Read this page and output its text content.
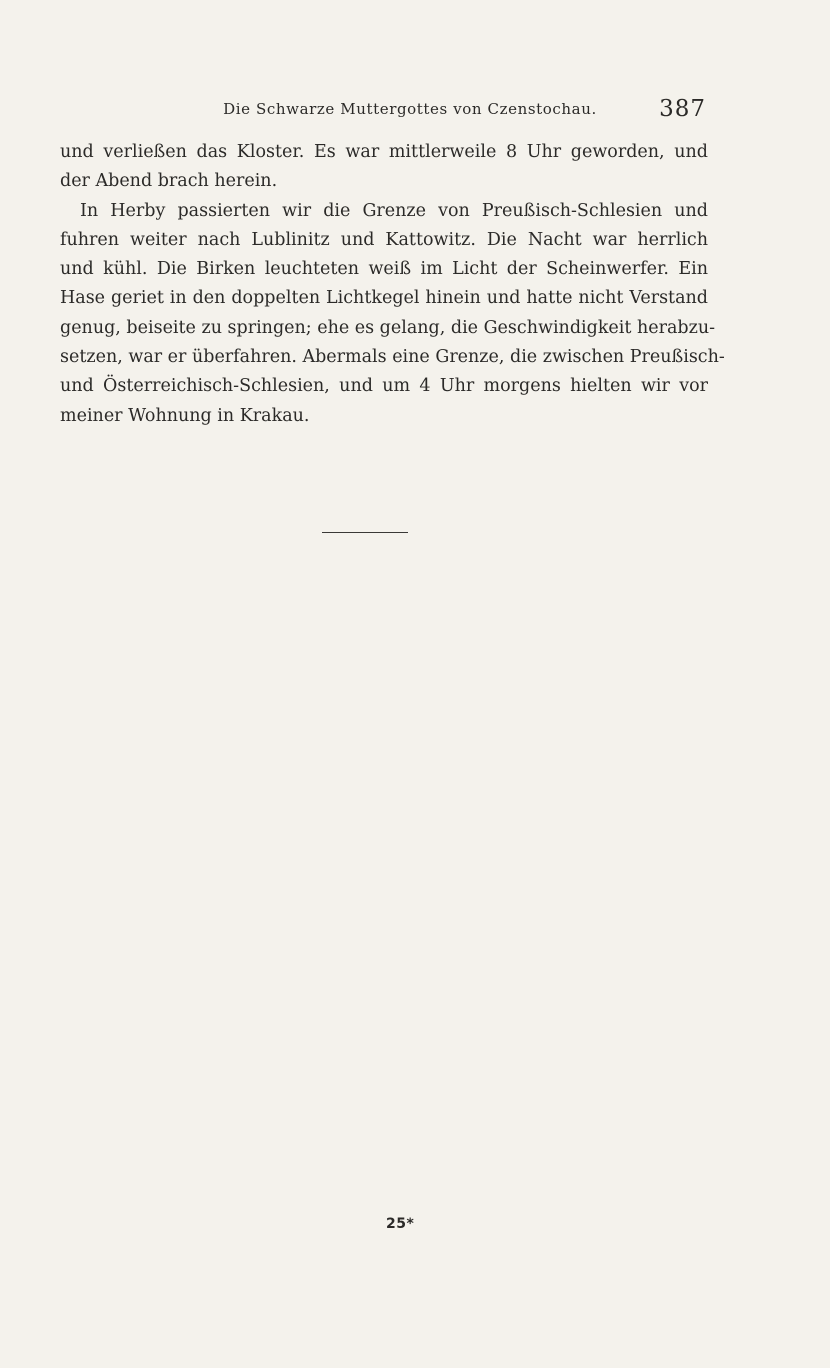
Die Schwarze Muttergottes von Czenstochau.	387
und verließen das Kloster. Es war mittlerweile 8 Uhr geworden, und
der Abend brach herein.
In Herby passierten wir die Grenze von Preußisch-Schlesien und
fuhren weiter nach Lublinitz und Kattowitz. Die Nacht war herrlich
und kühl. Die Birken leuchteten weiß im Licht der Scheinwerfer. Ein
Hase geriet in den doppelten Lichtkegel hinein und hatte nicht Verstand
genug, beiseite zu springen; ehe es gelang, die Geschwindigkeit herabzu-
setzen, war er überfahren. Abermals eine Grenze, die zwischen Preußisch-
und Österreichisch-Schlesien, und um 4 Uhr morgens hielten wir vor
meiner Wohnung in Krakau.
25*
